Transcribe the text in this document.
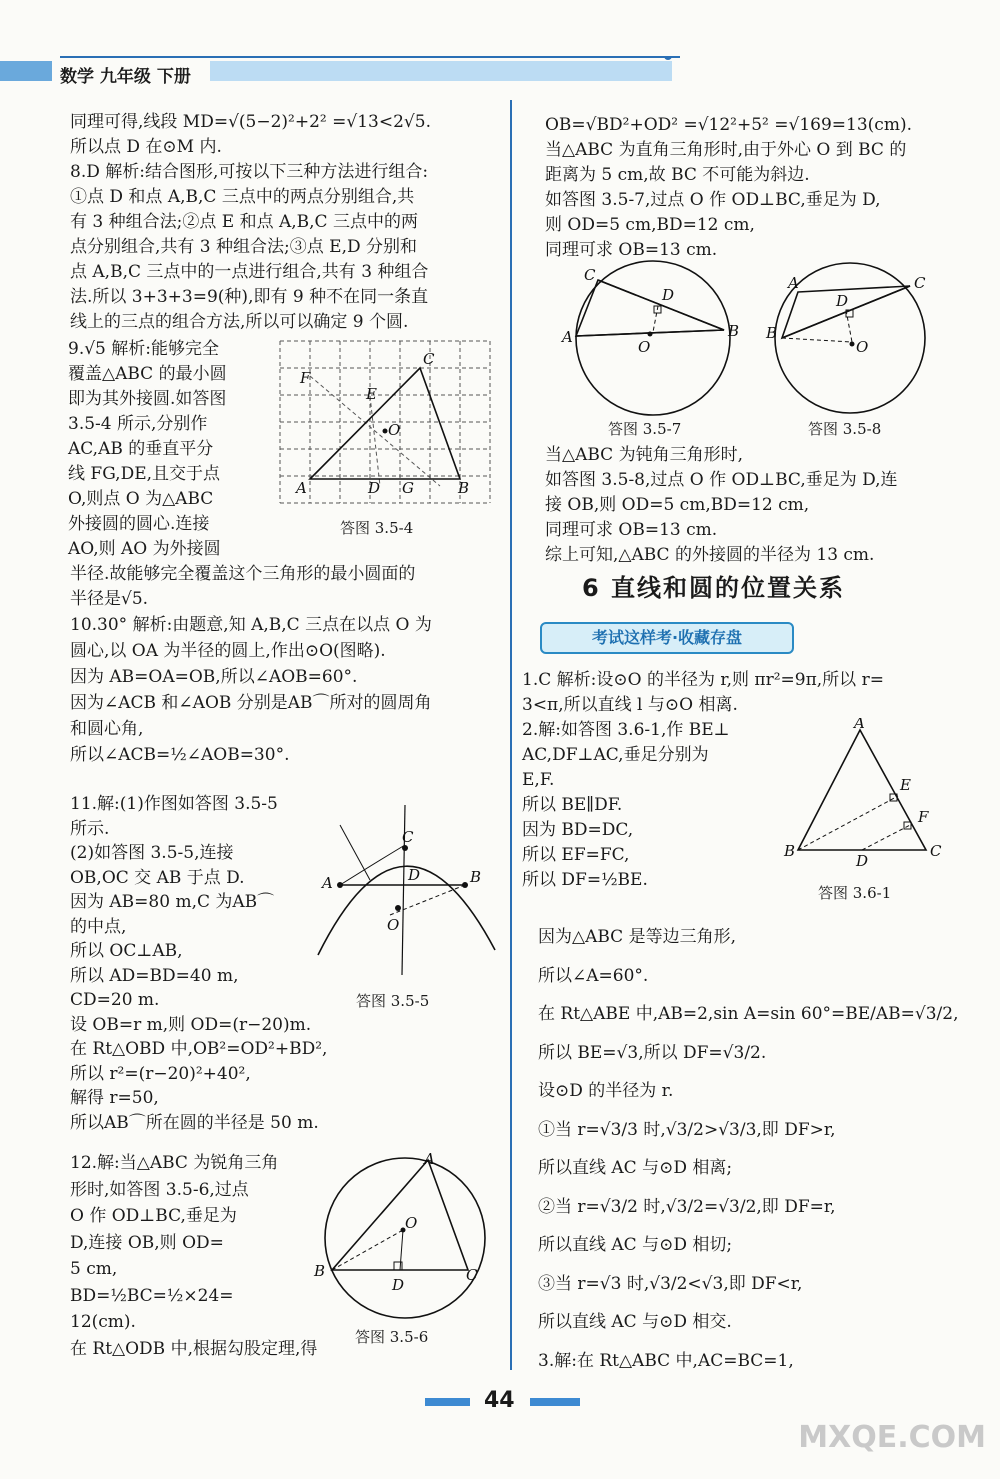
数学 九年级 下册

同理可得,线段 MD=√(5−2)²+2² =√13<2√5.

所以点 D 在⊙M 内.

8.D 解析:结合图形,可按以下三种方法进行组合:

①点 D 和点 A,B,C 三点中的两点分别组合,共

有 3 种组合法;②点 E 和点 A,B,C 三点中的两

点分别组合,共有 3 种组合法;③点 E,D 分别和

点 A,B,C 三点中的一点进行组合,共有 3 种组合

法.所以 3+3+3=9(种),即有 9 种不在同一条直

线上的三点的组合方法,所以可以确定 9 个圆.

9.√5 解析:能够完全

覆盖△ABC 的最小圆

即为其外接圆.如答图

3.5-4 所示,分别作

AC,AB 的垂直平分

线 FG,DE,且交于点

O,则点 O 为△ABC

外接圆的圆心.连接

AO,则 AO 为外接圆

半径.故能够完全覆盖这个三角形的最小圆面的

半径是√5.

10.30° 解析:由题意,知 A,B,C 三点在以点 O 为

圆心,以 OA 为半径的圆上,作出⊙O(图略).

因为 AB=OA=OB,所以∠AOB=60°.

因为∠ACB 和∠AOB 分别是AB⌒所对的圆周角

和圆心角,

所以∠ACB=½∠AOB=30°.

11.解:(1)作图如答图 3.5-5

所示.

(2)如答图 3.5-5,连接

OB,OC 交 AB 于点 D.

因为 AB=80 m,C 为AB⌒

的中点,

所以 OC⊥AB,

所以 AD=BD=40 m,

CD=20 m.

设 OB=r m,则 OD=(r−20)m.

在 Rt△OBD 中,OB²=OD²+BD²,

所以 r²=(r−20)²+40²,

解得 r=50,

所以AB⌒所在圆的半径是 50 m.

12.解:当△ABC 为锐角三角

形时,如答图 3.5-6,过点

O 作 OD⊥BC,垂足为

D,连接 OB,则 OD=

5 cm,

BD=½BC=½×24=

12(cm).

在 Rt△ODB 中,根据勾股定理,得

A	B
C
D
E
F
G
O
答图 3.5-4
A	B
C
D
O
答图 3.5-5
A
B	C
D
O
答图 3.5-6

OB=√BD²+OD² =√12²+5² =√169=13(cm).

当△ABC 为直角三角形时,由于外心 O 到 BC 的

距离为 5 cm,故 BC 不可能为斜边.

如答图 3.5-7,过点 O 作 OD⊥BC,垂足为 D,

则 OD=5 cm,BD=12 cm,

同理可求 OB=13 cm.

C
A	B
D
O
答图 3.5-7
A	C
B
D
O
答图 3.5-8

当△ABC 为钝角三角形时,

如答图 3.5-8,过点 O 作 OD⊥BC,垂足为 D,连

接 OB,则 OD=5 cm,BD=12 cm,

同理可求 OB=13 cm.

综上可知,△ABC 的外接圆的半径为 13 cm.

6 直线和圆的位置关系
考试这样考·收藏存盘

1.C 解析:设⊙O 的半径为 r,则 πr²=9π,所以 r=

3<π,所以直线 l 与⊙O 相离.

2.解:如答图 3.6-1,作 BE⊥

AC,DF⊥AC,垂足分别为

E,F.

所以 BE∥DF.

因为 BD=DC,

所以 EF=FC,

所以 DF=½BE.

A
B	C
E
F
D
答图 3.6-1

因为△ABC 是等边三角形,

所以∠A=60°.

在 Rt△ABE 中,AB=2,sin A=sin 60°=BE/AB=√3/2,

所以 BE=√3,所以 DF=√3/2.

设⊙D 的半径为 r.

①当 r=√3/3 时,√3/2>√3/3,即 DF>r,

所以直线 AC 与⊙D 相离;

②当 r=√3/2 时,√3/2=√3/2,即 DF=r,

所以直线 AC 与⊙D 相切;

③当 r=√3 时,√3/2<√3,即 DF<r,

所以直线 AC 与⊙D 相交.

3.解:在 Rt△ABC 中,AC=BC=1,

44
MXQE.COM
